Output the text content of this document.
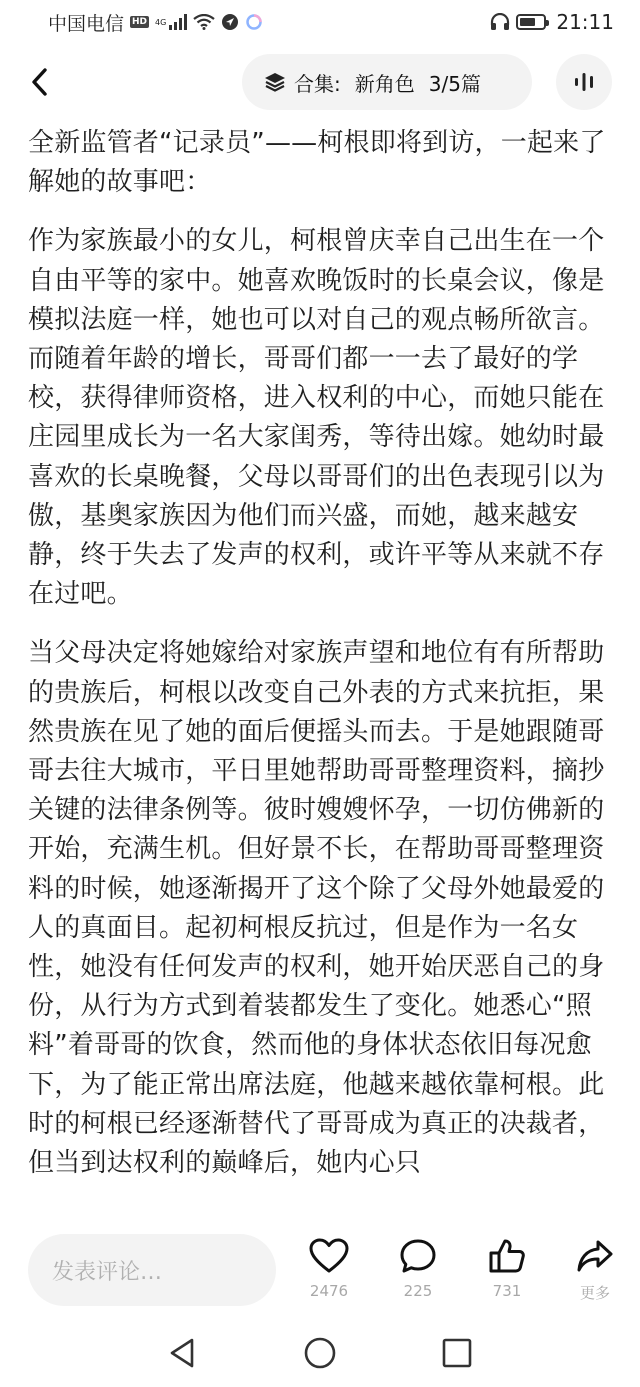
中国电信 HD 4G	21:11
合集: 新角色 3/5篇

全新监管者“记录员”——柯根即将到访，一起来了解她的故事吧：

作为家族最小的女儿，柯根曾庆幸自己出生在一个自由平等的家中。她喜欢晚饭时的长桌会议，像是模拟法庭一样，她也可以对自己的观点畅所欲言。而随着年龄的增长，哥哥们都一一去了最好的学校，获得律师资格，进入权利的中心，而她只能在庄园里成长为一名大家闺秀，等待出嫁。她幼时最喜欢的长桌晚餐，父母以哥哥们的出色表现引以为傲，基奥家族因为他们而兴盛，而她，越来越安静，终于失去了发声的权利，或许平等从来就不存在过吧。

当父母决定将她嫁给对家族声望和地位有有所帮助的贵族后，柯根以改变自己外表的方式来抗拒，果然贵族在见了她的面后便摇头而去。于是她跟随哥哥去往大城市，平日里她帮助哥哥整理资料，摘抄关键的法律条例等。彼时嫂嫂怀孕，一切仿佛新的开始，充满生机。但好景不长，在帮助哥哥整理资料的时候，她逐渐揭开了这个除了父母外她最爱的人的真面目。起初柯根反抗过，但是作为一名女性，她没有任何发声的权利，她开始厌恶自己的身份，从行为方式到着装都发生了变化。她悉心“照料”着哥哥的饮食，然而他的身体状态依旧每况愈下，为了能正常出席法庭，他越来越依靠柯根。此时的柯根已经逐渐替代了哥哥成为真正的决裁者，但当到达权利的巅峰后，她内心只

发表评论…
2476	225	731	更多
